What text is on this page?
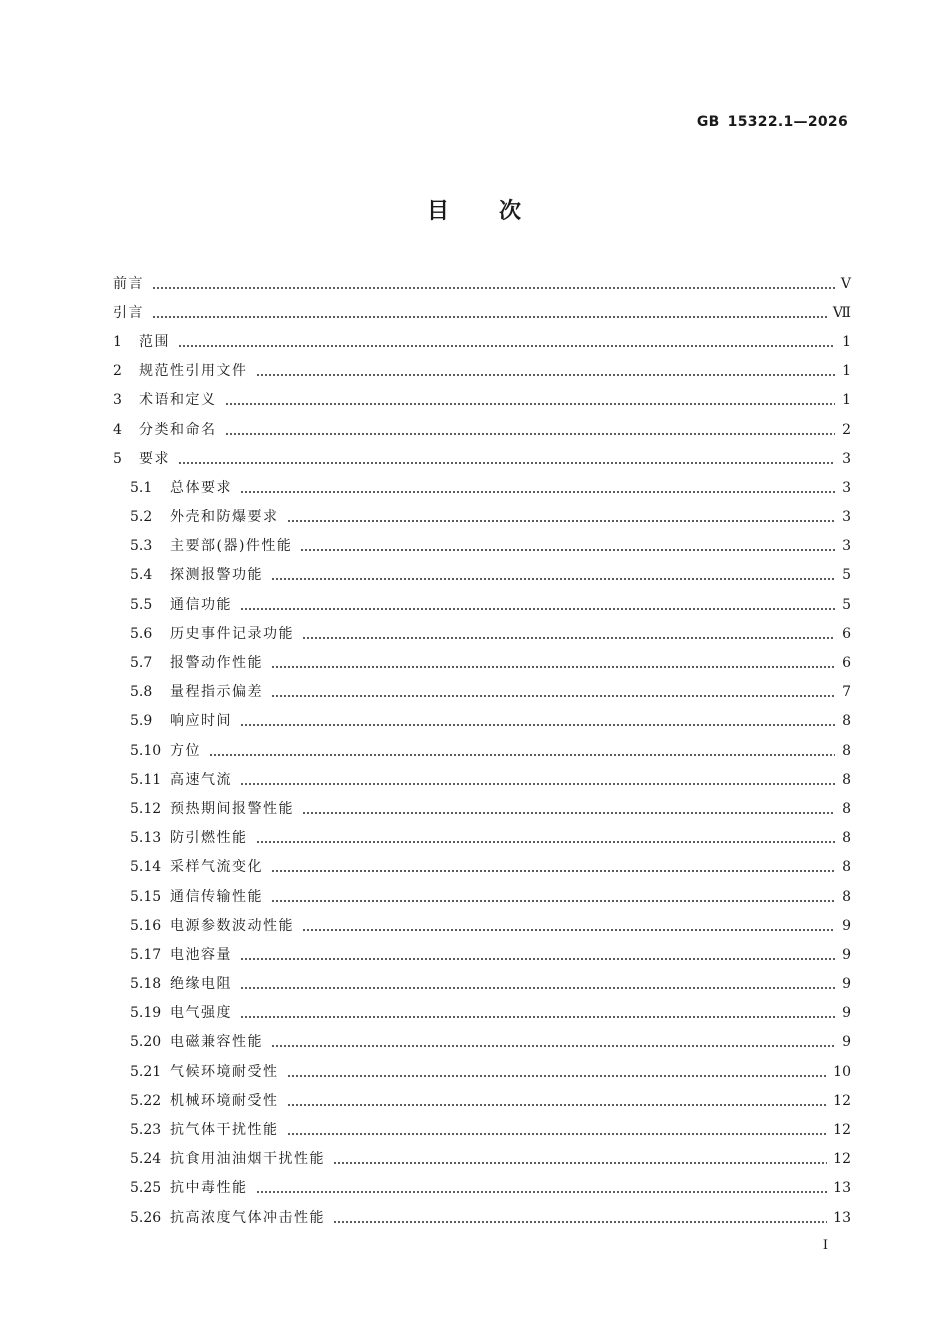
GB 15322.1—2026
目 次
前言	V
引言	Ⅶ
1	范围	1
2	规范性引用文件	1
3	术语和定义	1
4	分类和命名	2
5	要求	3
5.1	总体要求	3
5.2	外壳和防爆要求	3
5.3	主要部(器)件性能	3
5.4	探测报警功能	5
5.5	通信功能	5
5.6	历史事件记录功能	6
5.7	报警动作性能	6
5.8	量程指示偏差	7
5.9	响应时间	8
5.10 方位	8
5.11 高速气流	8
5.12 预热期间报警性能	8
5.13 防引燃性能	8
5.14 采样气流变化	8
5.15 通信传输性能	8
5.16 电源参数波动性能	9
5.17 电池容量	9
5.18 绝缘电阻	9
5.19 电气强度	9
5.20 电磁兼容性能	9
5.21 气候环境耐受性	10
5.22 机械环境耐受性	12
5.23 抗气体干扰性能	12
5.24 抗食用油油烟干扰性能	12
5.25 抗中毒性能	13
5.26 抗高浓度气体冲击性能	13
I
